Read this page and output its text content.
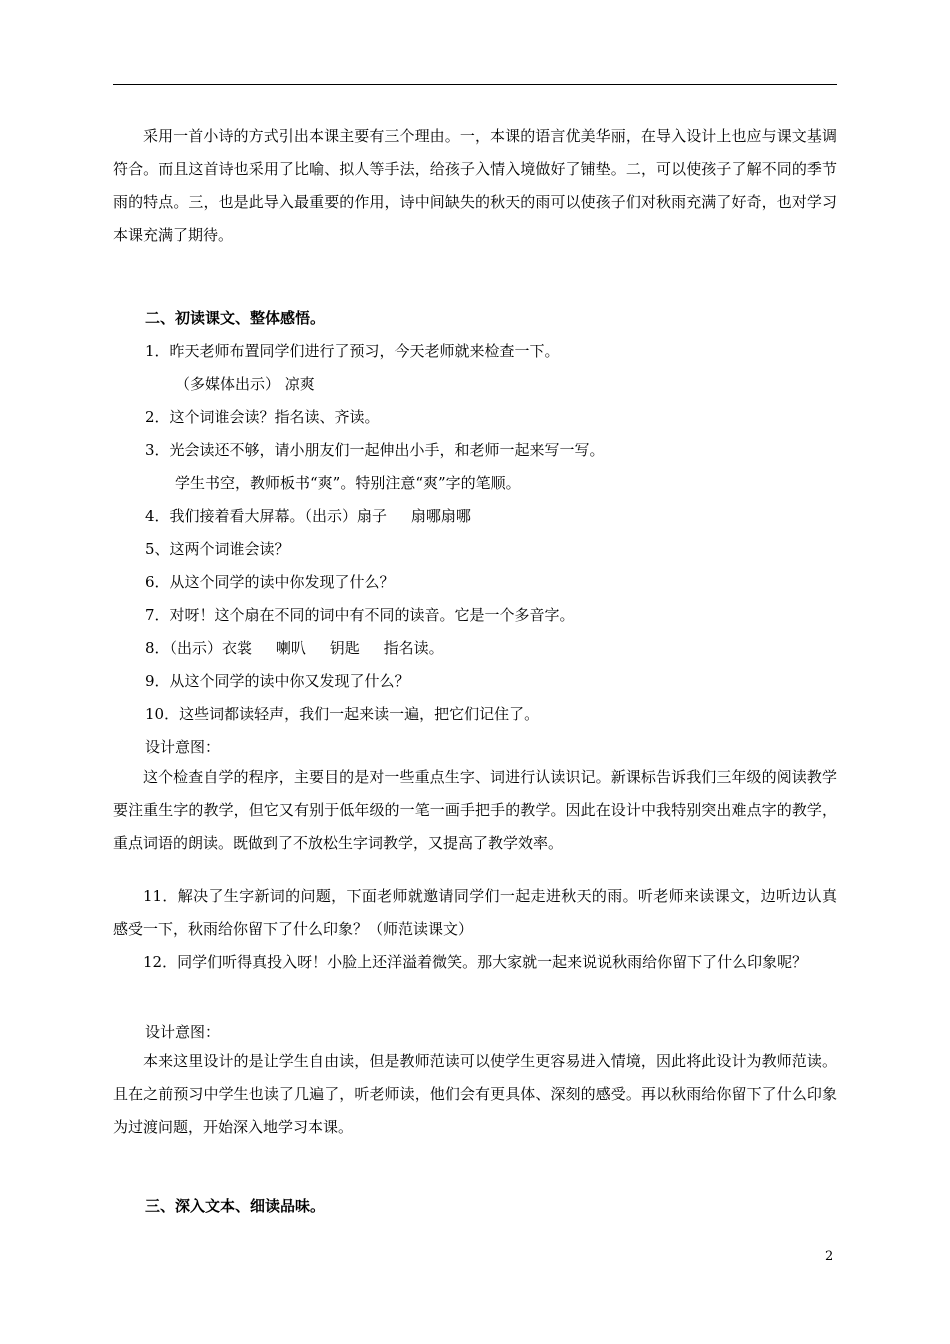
采用一首小诗的方式引出本课主要有三个理由。一，本课的语言优美华丽，在导入设计上也应与课文基调符合。而且这首诗也采用了比喻、拟人等手法，给孩子入情入境做好了铺垫。二，可以使孩子了解不同的季节雨的特点。三，也是此导入最重要的作用，诗中间缺失的秋天的雨可以使孩子们对秋雨充满了好奇，也对学习本课充满了期待。

二、初读课文、整体感悟。

1．昨天老师布置同学们进行了预习，今天老师就来检查一下。

（多媒体出示） 凉爽

2．这个词谁会读？指名读、齐读。

3．光会读还不够，请小朋友们一起伸出小手，和老师一起来写一写。

学生书空，教师板书“爽”。特别注意“爽”字的笔顺。

4．我们接着看大屏幕。（出示）扇子     扇哪扇哪

5、这两个词谁会读？

6．从这个同学的读中你发现了什么？

7．对呀！这个扇在不同的词中有不同的读音。它是一个多音字。

8．（出示）衣裳     喇叭     钥匙     指名读。

9．从这个同学的读中你又发现了什么？

10．这些词都读轻声，我们一起来读一遍，把它们记住了。

设计意图：

这个检查自学的程序，主要目的是对一些重点生字、词进行认读识记。新课标告诉我们三年级的阅读教学要注重生字的教学，但它又有别于低年级的一笔一画手把手的教学。因此在设计中我特别突出难点字的教学，重点词语的朗读。既做到了不放松生字词教学，又提高了教学效率。

11．解决了生字新词的问题，下面老师就邀请同学们一起走进秋天的雨。听老师来读课文，边听边认真感受一下，秋雨给你留下了什么印象？（师范读课文）

12．同学们听得真投入呀！小脸上还洋溢着微笑。那大家就一起来说说秋雨给你留下了什么印象呢？

设计意图：

本来这里设计的是让学生自由读，但是教师范读可以使学生更容易进入情境，因此将此设计为教师范读。且在之前预习中学生也读了几遍了，听老师读，他们会有更具体、深刻的感受。再以秋雨给你留下了什么印象为过渡问题，开始深入地学习本课。

三、深入文本、细读品味。

2
